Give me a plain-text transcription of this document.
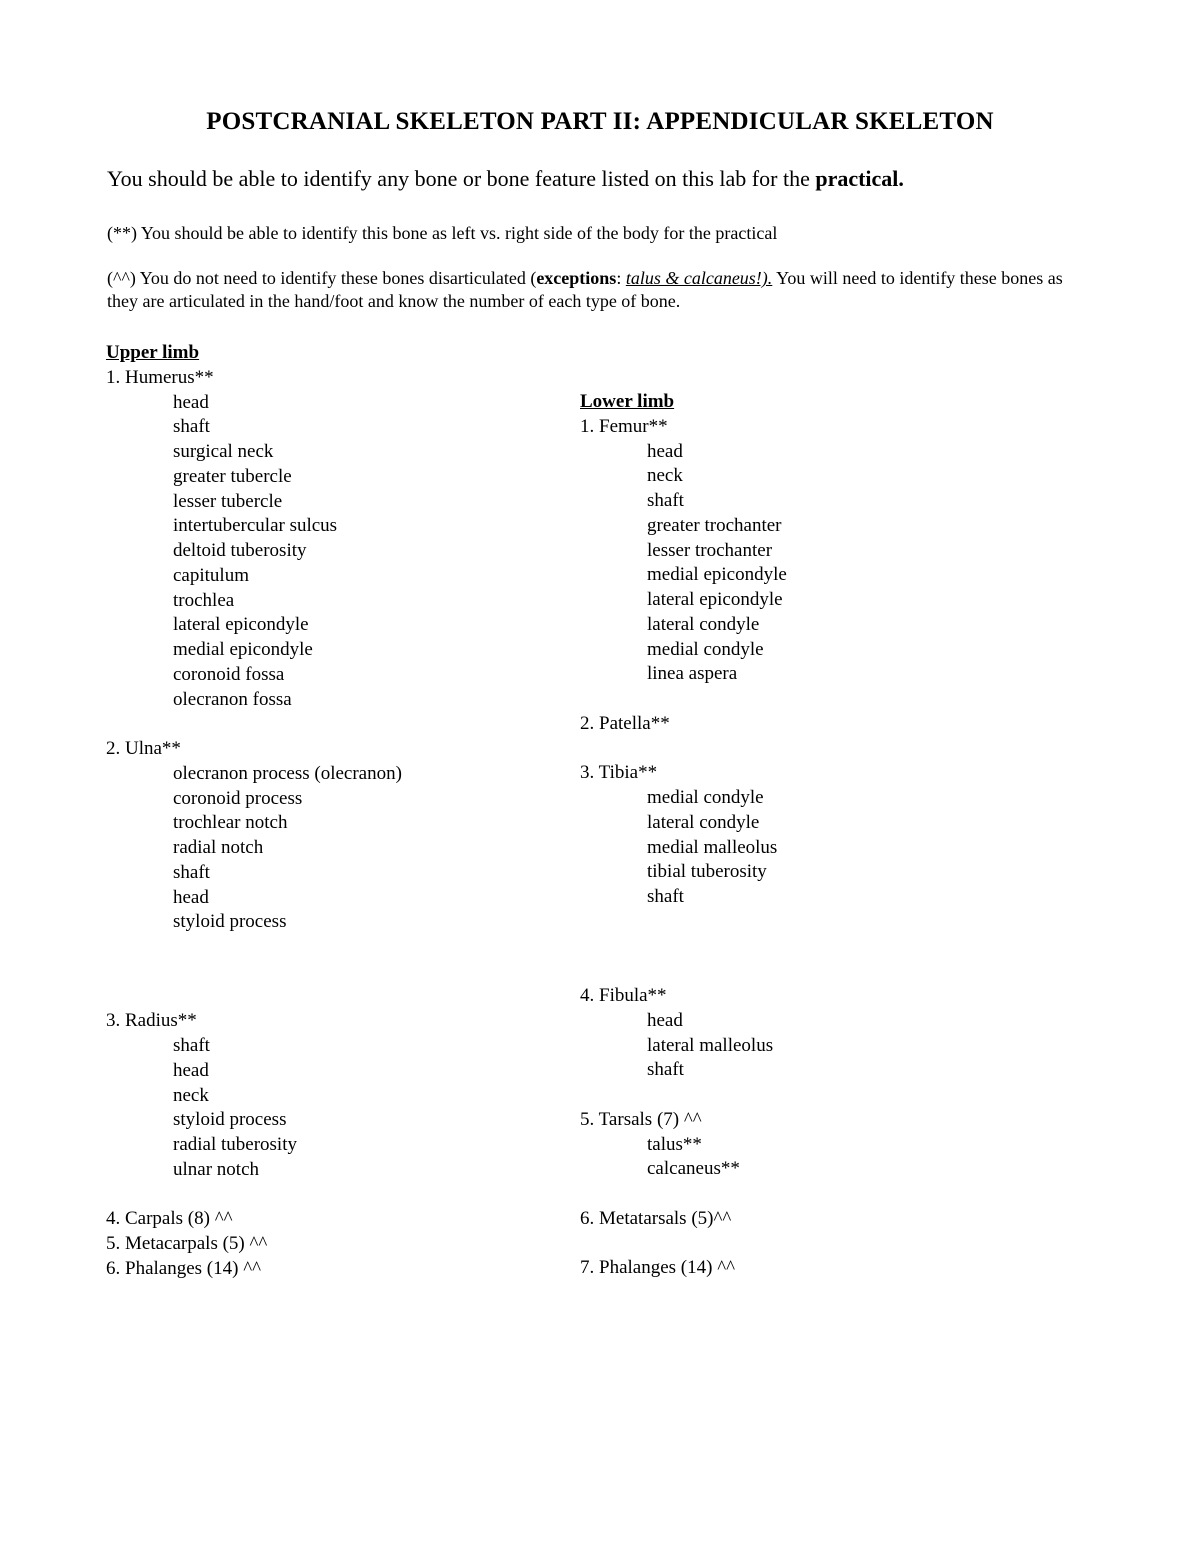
POSTCRANIAL SKELETON PART II: APPENDICULAR SKELETON
You should be able to identify any bone or bone feature listed on this lab for the practical.
(**) You should be able to identify this bone as left vs. right side of the body for the practical
(^^) You do not need to identify these bones disarticulated (exceptions: talus & calcaneus!). You will need to identify these bones as they are articulated in the hand/foot and know the number of each type of bone.
Upper limb
1. Humerus**
head
shaft
surgical neck
greater tubercle
lesser tubercle
intertubercular sulcus
deltoid tuberosity
capitulum
trochlea
lateral epicondyle
medial epicondyle
coronoid fossa
olecranon fossa
2. Ulna**
olecranon process (olecranon)
coronoid process
trochlear notch
radial notch
shaft
head
styloid process
3. Radius**
shaft
head
neck
styloid process
radial tuberosity
ulnar notch
4. Carpals (8) ^^
5. Metacarpals (5) ^^
6. Phalanges (14) ^^
Lower limb
1. Femur**
head
neck
shaft
greater trochanter
lesser trochanter
medial epicondyle
lateral epicondyle
lateral condyle
medial condyle
linea aspera
2. Patella**
3. Tibia**
medial condyle
lateral condyle
medial malleolus
tibial tuberosity
shaft
4. Fibula**
head
lateral malleolus
shaft
5. Tarsals (7) ^^
talus**
calcaneus**
6. Metatarsals (5)^^
7. Phalanges (14) ^^
